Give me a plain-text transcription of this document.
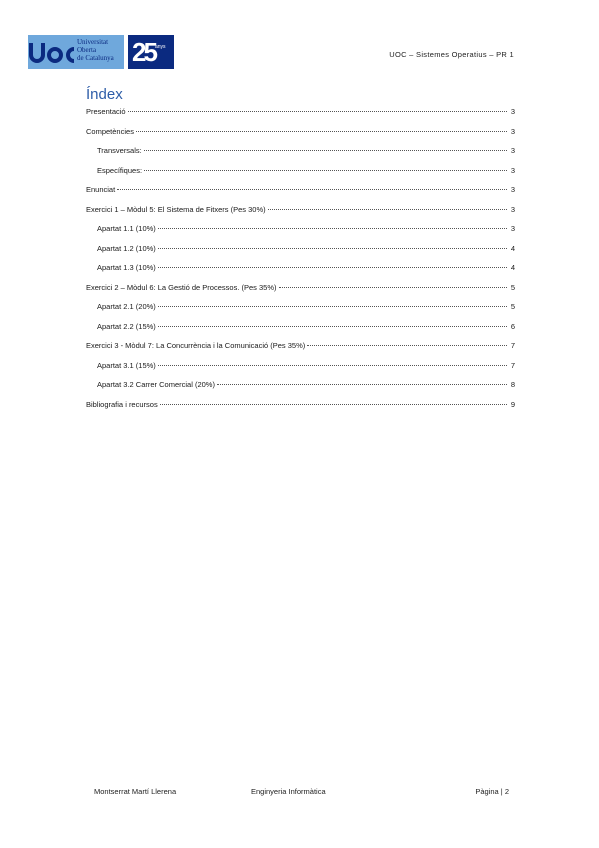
Universitat
Oberta
de Catalunya 25 anys
UOC – Sistemes Operatius – PR 1
Índex
Presentació	3
Competències	3
Transversals:	3
Específiques:	3
Enunciat	3
Exercici 1 – Mòdul 5: El Sistema de Fitxers (Pes 30%)	3
Apartat 1.1 (10%)	3
Apartat 1.2 (10%)	4
Apartat 1.3 (10%)	4
Exercici 2 – Mòdul 6: La Gestió de Processos. (Pes 35%)	5
Apartat 2.1 (20%)	5
Apartat 2.2 (15%)	6
Exercici 3 - Mòdul 7: La Concurrència i la Comunicació (Pes 35%)	7
Apartat 3.1 (15%)	7
Apartat 3.2 Carrer Comercial (20%)	8
Bibliografia i recursos	9
Montserrat Martí Llerena	Enginyeria Informàtica	Pàgina | 2
